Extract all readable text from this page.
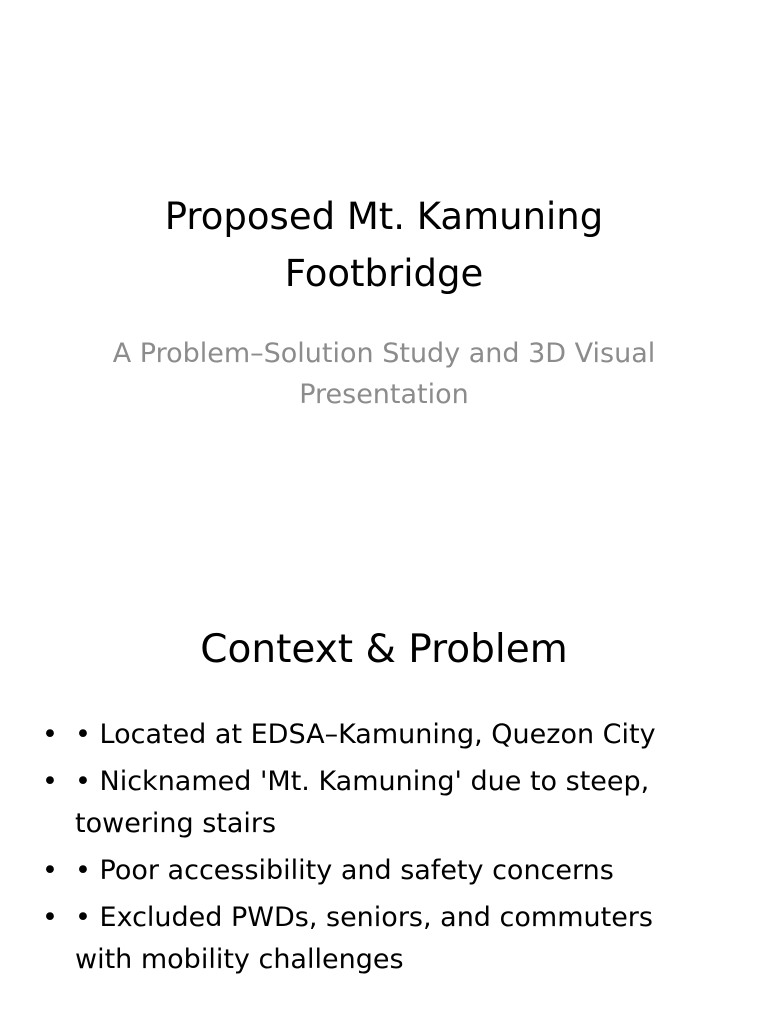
Proposed Mt. Kamuning Footbridge

A Problem–Solution Study and 3D Visual Presentation

Context & Problem
• • Located at EDSA–Kamuning, Quezon City
• • Nicknamed 'Mt. Kamuning' due to steep, towering stairs
• • Poor accessibility and safety concerns
• • Excluded PWDs, seniors, and commuters with mobility challenges
